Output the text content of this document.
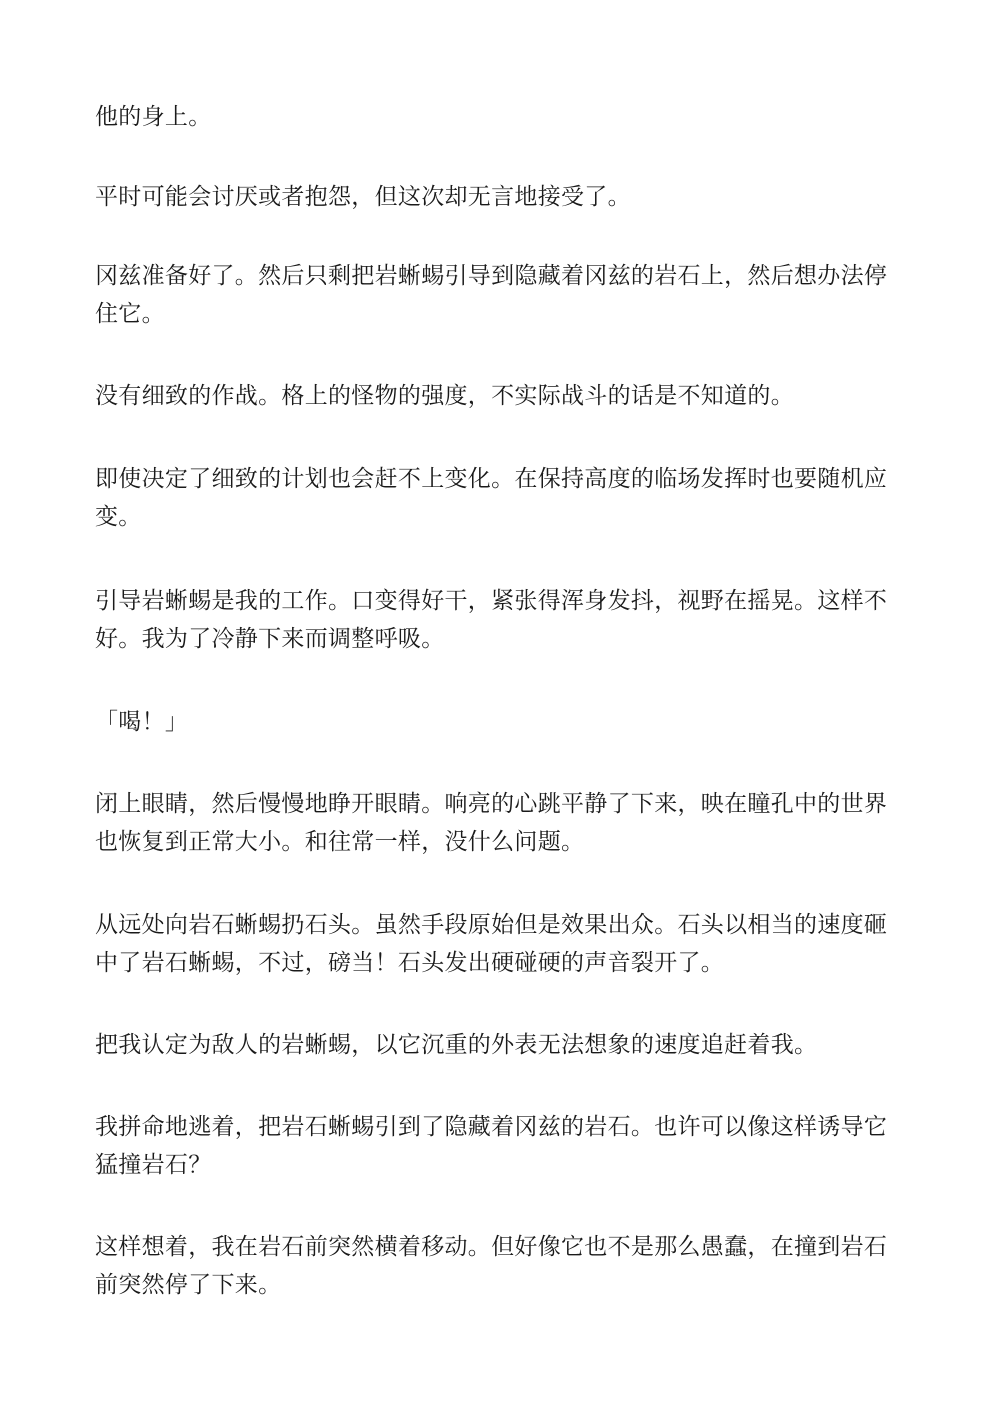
他的身上。

平时可能会讨厌或者抱怨，但这次却无言地接受了。

冈兹准备好了。然后只剩把岩蜥蜴引导到隐藏着冈兹的岩石上，然后想办法停
住它。

没有细致的作战。格上的怪物的强度，不实际战斗的话是不知道的。

即使决定了细致的计划也会赶不上变化。在保持高度的临场发挥时也要随机应
变。

引导岩蜥蜴是我的工作。口变得好干，紧张得浑身发抖，视野在摇晃。这样不
好。我为了冷静下来而调整呼吸。

「喝！」

闭上眼睛，然后慢慢地睁开眼睛。响亮的心跳平静了下来，映在瞳孔中的世界
也恢复到正常大小。和往常一样，没什么问题。

从远处向岩石蜥蜴扔石头。虽然手段原始但是效果出众。石头以相当的速度砸
中了岩石蜥蜴，不过，磅当！石头发出硬碰硬的声音裂开了。

把我认定为敌人的岩蜥蜴，以它沉重的外表无法想象的速度追赶着我。

我拼命地逃着，把岩石蜥蜴引到了隐藏着冈兹的岩石。也许可以像这样诱导它
猛撞岩石？

这样想着，我在岩石前突然横着移动。但好像它也不是那么愚蠢，在撞到岩石
前突然停了下来。
